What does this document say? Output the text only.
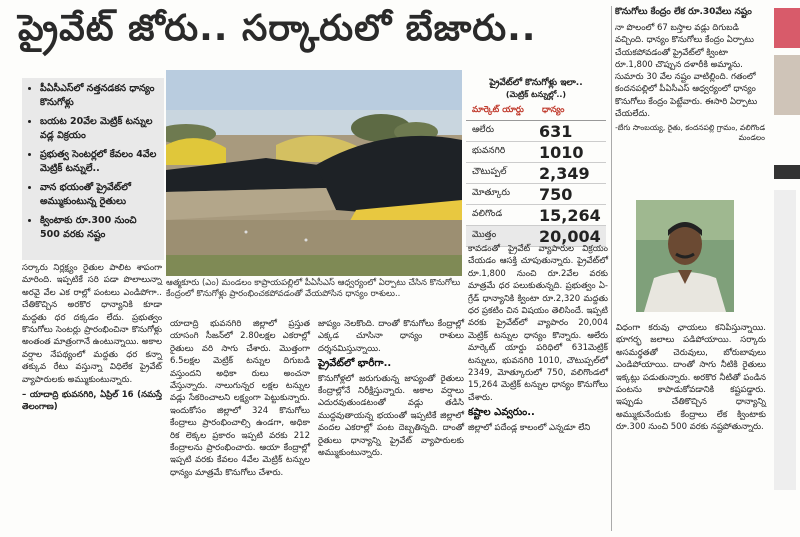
ప్రైవేట్ జోరు.. సర్కారులో బేజారు..
• పీఏసీఎస్‌లో నత్తనడకన ధాన్యం కొనుగోళ్లు
• బయట 20వేల మెట్రిక్ టన్నుల వడ్ల విక్రయం
• ప్రభుత్వ సెంటర్లలో కేవలం 4వేల మెట్రిక్ టన్నులే..
• వాన భయంతో ప్రైవేట్‌లో అమ్ముకుంటున్న రైతులు
• క్వింటాకు రూ.300 నుంచి 500 వరకు నష్టం
ఆత్మకూరు (ఎం) మండలం కాప్రాయపల్లిలో పీఏసీఎస్ ఆధ్వర్యంలో ఏర్పాటు చేసిన కొనుగోలు కేంద్రంలో కొనుగోళ్లు ప్రారంభించకపోవడంతో వేయపోసిన ధాన్యం రాశులు..
ప్రైవేట్‌లో కొనుగోళ్లు ఇలా..
(మెట్రిక్ టన్నుల్లో..)
మార్కెట్ యార్డు	ధాన్యం
ఆలేరు	631
భువనగిరి	1010
చౌటుప్పల్	2,349
మోత్కూరు	750
వలిగొండ	15,264
మొత్తం	20,004

సర్కారు నిర్లక్ష్యం రైతుల పాలిట శాపంగా మారింది. ఇప్పటికే సరి పడా పొలాలున్నా అరవై వేల ఎక రాల్లో పంటలు ఎండిపోగా.. చేతికొచ్చిన అరకొర ధాన్యానికి కూడా మద్దతు ధర దక్కడం లేదు. ప్రభుత్వం కొనుగోలు సెంటర్లు ప్రారంభించినా కొనుగోళ్లు అంతంత మాత్రంగానే ఉంటున్నాయి. అకాల వర్షాల నేపథ్యంలో మద్దతు ధర కన్నా తక్కువ రేటు వస్తున్నా విధిలేక ప్రైవేట్ వ్యాపారులకు అమ్ముకుంటున్నారు.

– యాదాద్రి భువనగిరి, ఏప్రిల్ 16 (నమస్తే తెలంగాణ)

యాదాద్రి భువనగిరి జిల్లాలో ప్రస్తుత యాసంగి సీజన్‌లో 2.80లక్షల ఎకరాల్లో రైతులు వరి సాగు చేశారు. మొత్తంగా 6.5లక్షల మెట్రిక్ టన్నుల దిగుబడి వస్తుందని అధికా రులు అంచనా వేస్తున్నారు. నాలుగున్నర లక్షల టన్నుల వడ్లు సేకరించాలని లక్ష్యంగా పెట్టుకున్నారు. ఇందుకోసం జిల్లాలో 324 కొనుగోలు కేంద్రాలు ప్రారంభించాల్సి ఉండగా, అధికా రిక లెక్కల ప్రకారం ఇప్పటి వరకు 212 కేంద్రాలను ప్రారంభించారు. ఆయా కేంద్రాల్లో ఇప్పటి వరకు కేవలం 4వేల మెట్రిక్ టన్నుల ధాన్యం మాత్రమే కొనుగోలు చేశారు.

జాప్యం నెలకొంది. దాంతో కొనుగోలు కేంద్రాల్లో ఎక్కడ చూసినా ధాన్యం రాశులు దర్శనమిస్తున్నాయి.

ప్రైవేట్‌లో భారీగా..

కొనుగోళ్లలో జరుగుతున్న జాప్యంతో రైతులు కేంద్రాల్లోనే నిరీక్షిస్తున్నారు. అకాల వర్షాలు ఎదురవుతుండటంతో వడ్లు తడిసి ముద్దవుతాయన్న భయంతో ఇప్పటికే జిల్లాలో వందల ఎకరాల్లో పంట దెబ్బతిన్నది. దాంతో రైతులు ధాన్యాన్ని ప్రైవేట్ వ్యాపారులకు అమ్ముకుంటున్నారు.

కావడంతో ప్రైవేట్ వ్యాపారుల విక్రయం చేయడం ఆసక్తి చూపుతున్నారు. ప్రైవేట్‌లో రూ.1,800 నుంచి రూ.2వేల వరకు మాత్రమే ధర పలుకుతున్నది. ప్రభుత్వం ఏ-గ్రేడ్ ధాన్యానికి క్వింటా రూ.2,320 మద్దతు ధర ప్రకటిం చిన విషయం తెలిసిందే. ఇప్పటి వరకు ప్రైవేట్‌లో వ్యాపారం 20,004 మెట్రిక్ టన్నుల ధాన్యం కొన్నారు. ఆలేరు మార్కెట్ యార్డు పరిధిలో 631మెట్రిక్ టన్నులు, భువనగిరి 1010, చౌటుప్పల్‌లో 2349, మోత్కూరులో 750, వలిగొండలో 15,264 మెట్రిక్ టన్నుల ధాన్యం కొనుగోలు చేశారు.

కష్టాల ఎవ్వరుం..

జిల్లాలో పదేండ్ల కాలంలో ఎన్నడూ లేని

కొనుగోలు కేంద్రం లేక రూ.30వేలు నష్టం
నా పొలంలో 67 బస్తాల వడ్లు దిగుబడి వచ్చింది. ధాన్యం కొనుగోలు కేంద్రం ఏర్పాటు చేయకపోవడంతో ప్రైవేట్‌లో క్వింటా రూ.1,800 చొప్పున దళారీకి అమ్మాను. సుమారు 30 వేల నష్టం వాటిల్లింది. గతంలో కందనపల్లిలో పీఏసీఎస్ ఆధ్వర్యంలో ధాన్యం కొనుగోలు కేంద్రం పెట్టేవారు. ఈసారి ఏర్పాటు చేయలేదు.
-బేగు సాంబయ్య, రైతు, కందనపల్లి గ్రామం, వలిగొండ మండలం
విధంగా కరువు ఛాయలు కనిపిస్తున్నాయి. భూగర్భ జలాలు పడిపోయాయి. సర్కారు అసమర్థతతో చెరువులు, బోరుబావులు ఎండిపోయాయి. దాంతో సాగు నీటికి రైతులు ఇక్కట్లు పడుతున్నారు. అరకొర నీటితో పండిన పంటను కాపాడుకోవడానికి కష్టపడ్డారు. ఇప్పుడు చేతికొచ్చిన ధాన్యాన్ని అమ్ముకునేందుకు కేంద్రాలు లేక క్వింటాకు రూ.300 నుంచి 500 వరకు నష్టపోతున్నారు.
